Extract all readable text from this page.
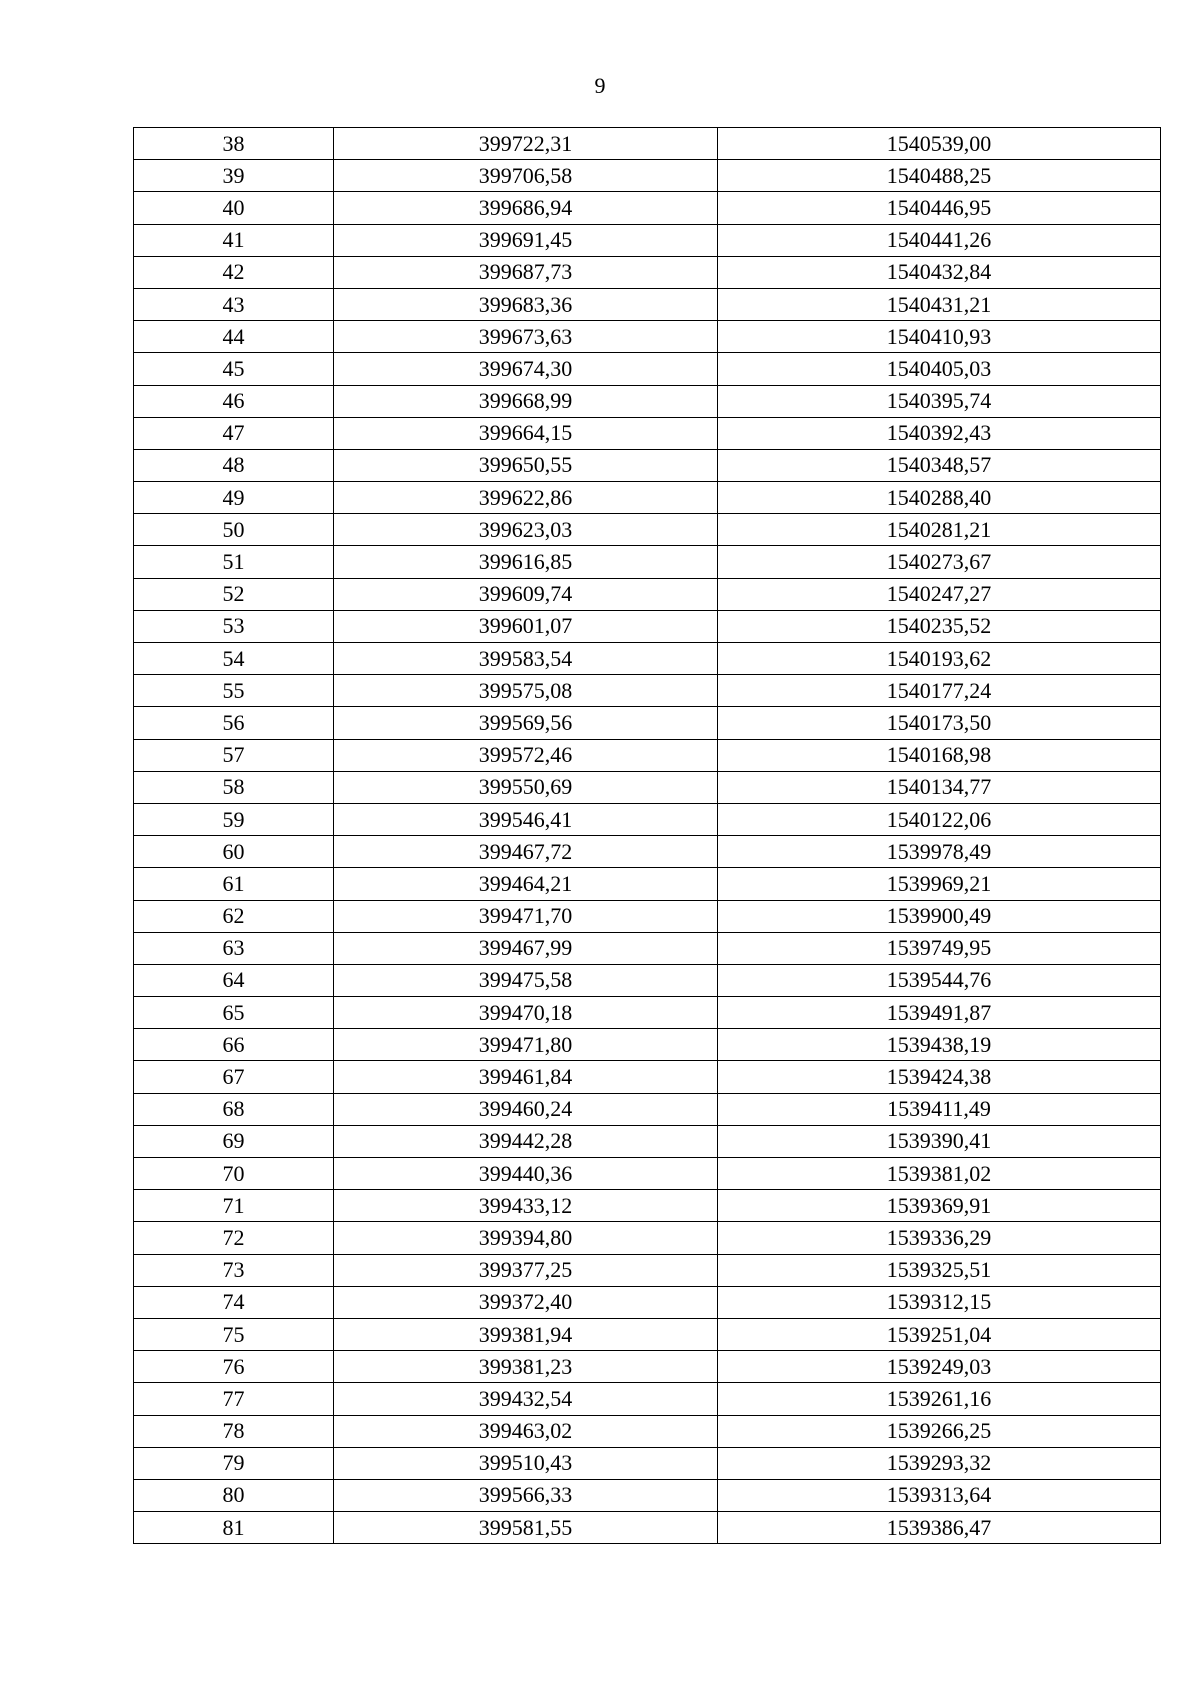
9
38	399722,31	1540539,00
39	399706,58	1540488,25
40	399686,94	1540446,95
41	399691,45	1540441,26
42	399687,73	1540432,84
43	399683,36	1540431,21
44	399673,63	1540410,93
45	399674,30	1540405,03
46	399668,99	1540395,74
47	399664,15	1540392,43
48	399650,55	1540348,57
49	399622,86	1540288,40
50	399623,03	1540281,21
51	399616,85	1540273,67
52	399609,74	1540247,27
53	399601,07	1540235,52
54	399583,54	1540193,62
55	399575,08	1540177,24
56	399569,56	1540173,50
57	399572,46	1540168,98
58	399550,69	1540134,77
59	399546,41	1540122,06
60	399467,72	1539978,49
61	399464,21	1539969,21
62	399471,70	1539900,49
63	399467,99	1539749,95
64	399475,58	1539544,76
65	399470,18	1539491,87
66	399471,80	1539438,19
67	399461,84	1539424,38
68	399460,24	1539411,49
69	399442,28	1539390,41
70	399440,36	1539381,02
71	399433,12	1539369,91
72	399394,80	1539336,29
73	399377,25	1539325,51
74	399372,40	1539312,15
75	399381,94	1539251,04
76	399381,23	1539249,03
77	399432,54	1539261,16
78	399463,02	1539266,25
79	399510,43	1539293,32
80	399566,33	1539313,64
81	399581,55	1539386,47
